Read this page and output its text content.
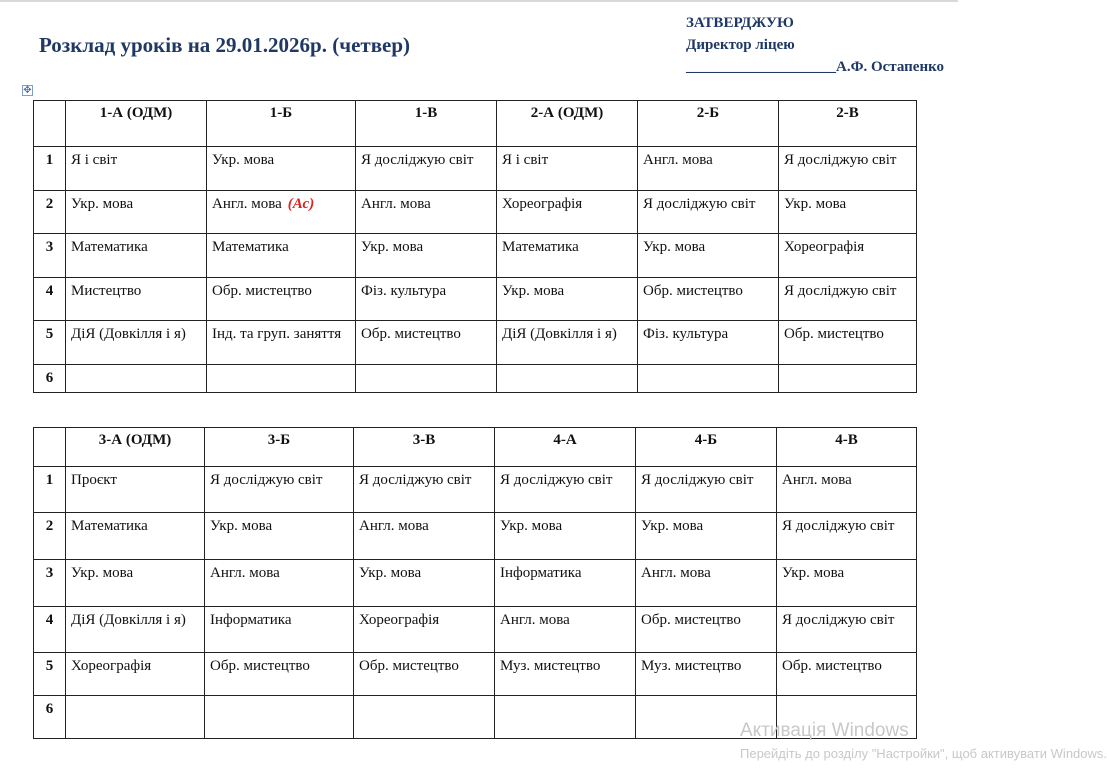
Розклад уроків на 29.01.2026р. (четвер)
ЗАТВЕРДЖУЮ
Директор ліцею
____________________А.Ф. Остапенко
✥
	1-А (ОДМ)	1-Б	1-В	2-А (ОДМ)	2-Б	2-В
1	Я і світ	Укр. мова	Я досліджую світ	Я і світ	Англ. мова	Я досліджую світ
2	Укр. мова	Англ. мова (Ас)	Англ. мова	Хореографія	Я досліджую світ	Укр. мова
3	Математика	Математика	Укр. мова	Математика	Укр. мова	Хореографія
4	Мистецтво	Обр. мистецтво	Фіз. культура	Укр. мова	Обр. мистецтво	Я досліджую світ
5	ДіЯ (Довкілля і я)	Інд. та груп. заняття	Обр. мистецтво	ДіЯ (Довкілля і я)	Фіз. культура	Обр. мистецтво
6						
	3-А (ОДМ)	3-Б	3-В	4-А	4-Б	4-В
1	Проєкт	Я досліджую світ	Я досліджую світ	Я досліджую світ	Я досліджую світ	Англ. мова
2	Математика	Укр. мова	Англ. мова	Укр. мова	Укр. мова	Я досліджую світ
3	Укр. мова	Англ. мова	Укр. мова	Інформатика	Англ. мова	Укр. мова
4	ДіЯ (Довкілля і я)	Інформатика	Хореографія	Англ. мова	Обр. мистецтво	Я досліджую світ
5	Хореографія	Обр. мистецтво	Обр. мистецтво	Муз. мистецтво	Муз. мистецтво	Обр. мистецтво
6						
Активація Windows
Перейдіть до розділу "Настройки", щоб активувати Windows.
